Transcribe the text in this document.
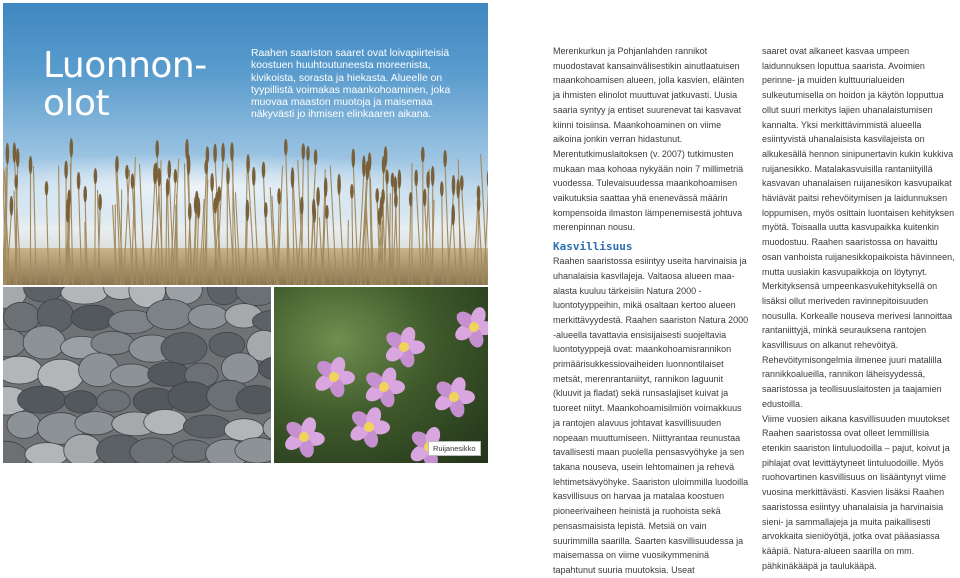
Luonnon-
olot
Raahen saariston saaret ovat loivapiirteisiä koostuen huuhtoutuneesta moreenista, kivikoista, sorasta ja hiekasta. Alueelle on tyypillistä voimakas maankohoaminen, joka muovaa maaston muotoja ja maisemaa näkyvästi jo ihmisen elinkaaren aikana.
Ruijanesikko

Merenkurkun ja Pohjanlahden rannikot muodostavat kansainvälisestikin ainutlaatuisen maankohoamisen alueen, jolla kasvien, eläinten ja ihmisten elinolot muuttuvat jatkuvasti. Uusia saaria syntyy ja entiset suurenevat tai kasvavat kiinni toisiinsa. Maankohoaminen on viime aikoina jonkin verran hidastunut. Merentutkimuslaitoksen (v. 2007) tutkimusten mukaan maa kohoaa nykyään noin 7 millimetriä vuodessa. Tulevaisuudessa maankohoamisen vaikutuksia saattaa yhä enenevässä määrin kompensoida ilmaston lämpenemisestä johtuva merenpinnan nousu.

Kasvillisuus

Raahen saaristossa esiintyy useita harvinaisia ja uhanalaisia kasvilajeja. Valtaosa alueen maa-alasta kuuluu tärkeisiin Natura 2000 -luontotyyppeihin, mikä osaltaan kertoo alueen merkittävyydestä. Raahen saariston Natura 2000 -alueella tavattavia ensisijaisesti suojeltavia luontotyyppejä ovat: maankohoamisrannikon primäärisukkessiovaiheiden luonnontilaiset metsät, merenrantaniityt, rannikon laguunit (kluuvit ja fladat) sekä runsaslajiset kuivat ja tuoreet niityt. Maankohoamisilmiön voimakkuus ja rantojen alavuus johtavat kasvillisuuden nopeaan muuttumiseen. Niittyrantaa reunustaa tavallisesti maan puolella pensasvyöhyke ja sen takana nouseva, usein lehtomainen ja rehevä lehtimetsävyöhyke. Saariston uloimmilla luodoilla kasvillisuus on harvaa ja matalaa koostuen pioneerivaiheen heinistä ja ruohoista sekä pensasmaisista lepistä. Metsiä on vain suurimmilla saarilla. Saarten kasvillisuudessa ja maisemassa on viime vuosikymmeninä tapahtunut suuria muutoksia. Useat

saaret ovat alkaneet kasvaa umpeen laidunnuksen loputtua saarista. Avoimien perinne- ja muiden kulttuurialueiden sulkeutumisella on hoidon ja käytön lopputtua ollut suuri merkitys lajien uhanalaistumisen kannalta. Yksi merkittävimmistä alueella esiintyvistä uhanalaisista kasvilajeista on alkukesällä hennon sinipunertavin kukin kukkiva ruijanesikko. Matalakasvuisilla rantaniityillä kasvavan uhanalaisen ruijanesikon kasvupaikat häviävät paitsi rehevöitymisen ja laidunnuksen loppumisen, myös osittain luontaisen kehityksen myötä. Toisaalla uutta kasvupaikka kuitenkin muodostuu. Raahen saaristossa on havaittu osan vanhoista ruijanesikkopaikoista hävinneen, mutta uusiakin kasvupaikkoja on löytynyt.

Merkityksensä umpeenkasvukehityksellä on lisäksi ollut meriveden ravinnepitoisuuden nousulla. Korkealle nouseva merivesi lannoittaa rantaniittyjä, minkä seurauksena rantojen kasvillisuus on alkanut rehevöityä. Rehevöitymisongelmia ilmenee juuri matalilla rannikkoalueilla, rannikon läheisyydessä, saaristossa ja teollisuuslaitosten ja taajamien edustoilla.

Viime vuosien aikana kasvillisuuden muutokset Raahen saaristossa ovat olleet lemmillisia etenkin saariston lintuluodoilla – pajut, koivut ja pihlajat ovat levittäytyneet lintuluodoille. Myös ruohovartinen kasvillisuus on lisääntynyt viime vuosina merkittävästi. Kasvien lisäksi Raahen saaristossa esiintyy uhanalaisia ja harvinaisia sieni- ja sammallajeja ja muita paikallisesti arvokkaita sieniöyötjä, jotka ovat pääasiassa kääpiä. Natura-alueen saarilla on mm. pähkinäkääpä ja taulukääpä.
